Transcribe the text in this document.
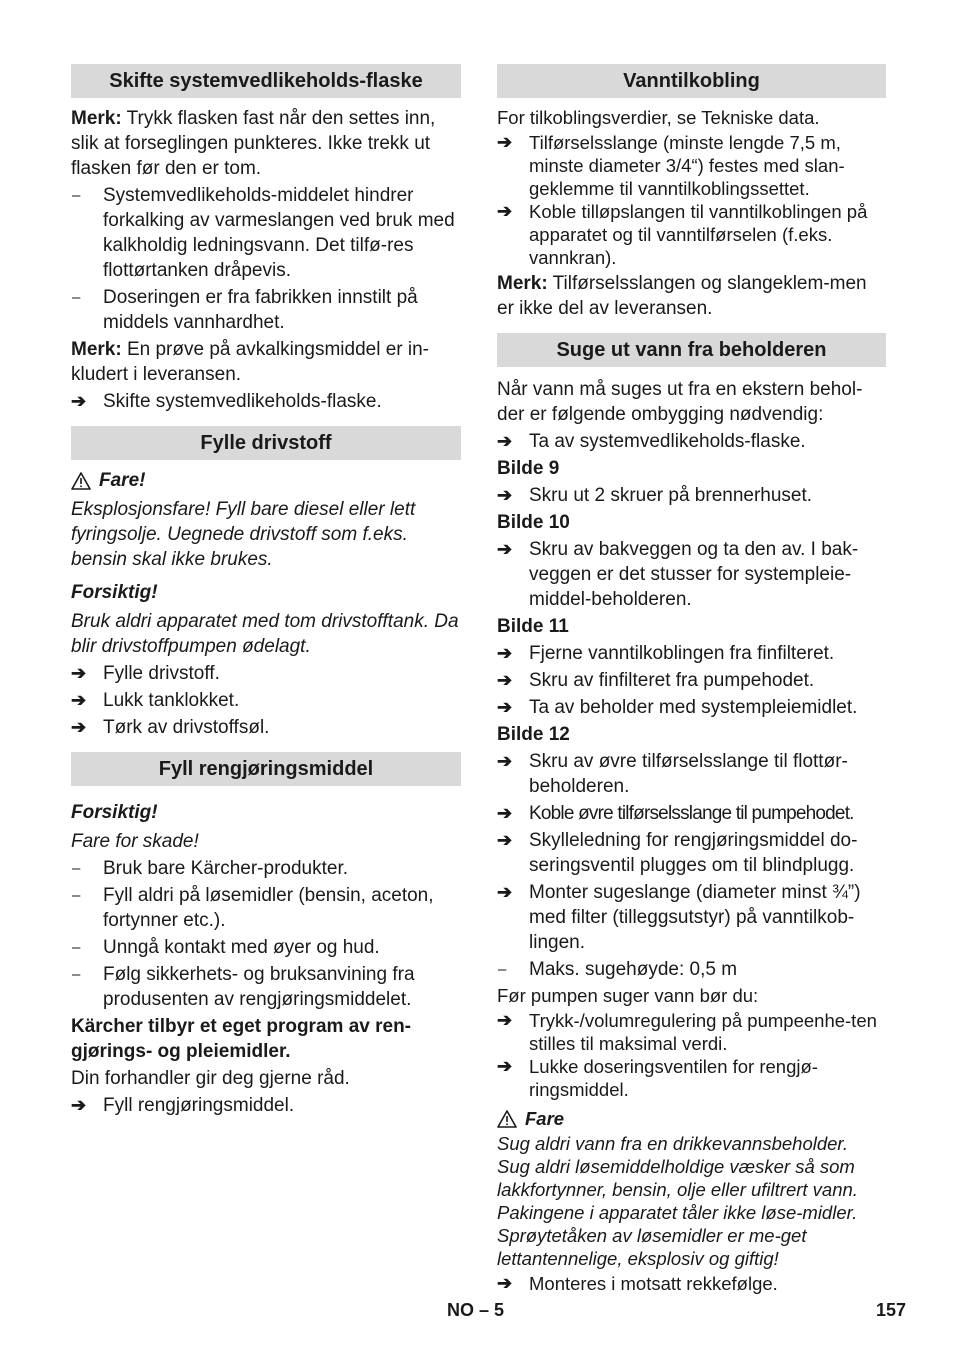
Skifte systemvedlikeholds-flaske

Merk: Trykk flasken fast når den settes inn, slik at forseglingen punkteres. Ikke trekk ut flasken før den er tom.

–	Systemvedlikeholds-middelet hindrer forkalking av varmeslangen ved bruk med kalkholdig ledningsvann. Det tilfø-res flottørtanken dråpevis.
–	Doseringen er fra fabrikken innstilt på middels vannhardhet.

Merk: En prøve på avkalkingsmiddel er in-kludert i leveransen.

➔ Skifte systemvedlikeholds-flaske.
Fylle drivstoff
Fare!

Eksplosjonsfare! Fyll bare diesel eller lett fyringsolje. Uegnede drivstoff som f.eks. bensin skal ikke brukes.

Forsiktig!

Bruk aldri apparatet med tom drivstofftank. Da blir drivstoffpumpen ødelagt.

➔ Fylle drivstoff.
➔ Lukk tanklokket.
➔ Tørk av drivstoffsøl.
Fyll rengjøringsmiddel

Forsiktig!

Fare for skade!

–	Bruk bare Kärcher-produkter.
–	Fyll aldri på løsemidler (bensin, aceton, fortynner etc.).
–	Unngå kontakt med øyer og hud.
–	Følg sikkerhets- og bruksanvining fra produsenten av rengjøringsmiddelet.

Kärcher tilbyr et eget program av ren-gjørings- og pleiemidler.

Din forhandler gir deg gjerne råd.

➔ Fyll rengjøringsmiddel.
Vanntilkobling

For tilkoblingsverdier, se Tekniske data.

➔ Tilførselsslange (minste lengde 7,5 m, minste diameter 3/4“) festes med slan-geklemme til vanntilkoblingssettet.
➔ Koble tilløpslangen til vanntilkoblingen på apparatet og til vanntilførselen (f.eks. vannkran).

Merk: Tilførselsslangen og slangeklem-men er ikke del av leveransen.

Suge ut vann fra beholderen

Når vann må suges ut fra en ekstern behol-der er følgende ombygging nødvendig:

➔ Ta av systemvedlikeholds-flaske.

Bilde 9

➔ Skru ut 2 skruer på brennerhuset.

Bilde 10

➔ Skru av bakveggen og ta den av. I bak-veggen er det stusser for systempleie-middel-beholderen.

Bilde 11

➔ Fjerne vanntilkoblingen fra finfilteret.
➔ Skru av finfilteret fra pumpehodet.
➔ Ta av beholder med systempleiemidlet.

Bilde 12

➔ Skru av øvre tilførselsslange til flottør-beholderen.
➔ Koble øvre tilførselsslange til pumpehodet.
➔ Skylleledning for rengjøringsmiddel do-seringsventil plugges om til blindplugg.
➔ Monter sugeslange (diameter minst ¾”) med filter (tilleggsutstyr) på vanntilkob-lingen.
–	Maks. sugehøyde: 0,5 m

Før pumpen suger vann bør du:

➔ Trykk-/volumregulering på pumpeenhe-ten stilles til maksimal verdi.
➔ Lukke doseringsventilen for rengjø-ringsmiddel.
Fare

Sug aldri vann fra en drikkevannsbeholder. Sug aldri løsemiddelholdige væsker så som lakkfortynner, bensin, olje eller ufiltrert vann. Pakingene i apparatet tåler ikke løse-midler. Sprøytetåken av løsemidler er me-get lettantennelige, eksplosiv og giftig!

➔ Monteres i motsatt rekkefølge.
NO – 5	157
